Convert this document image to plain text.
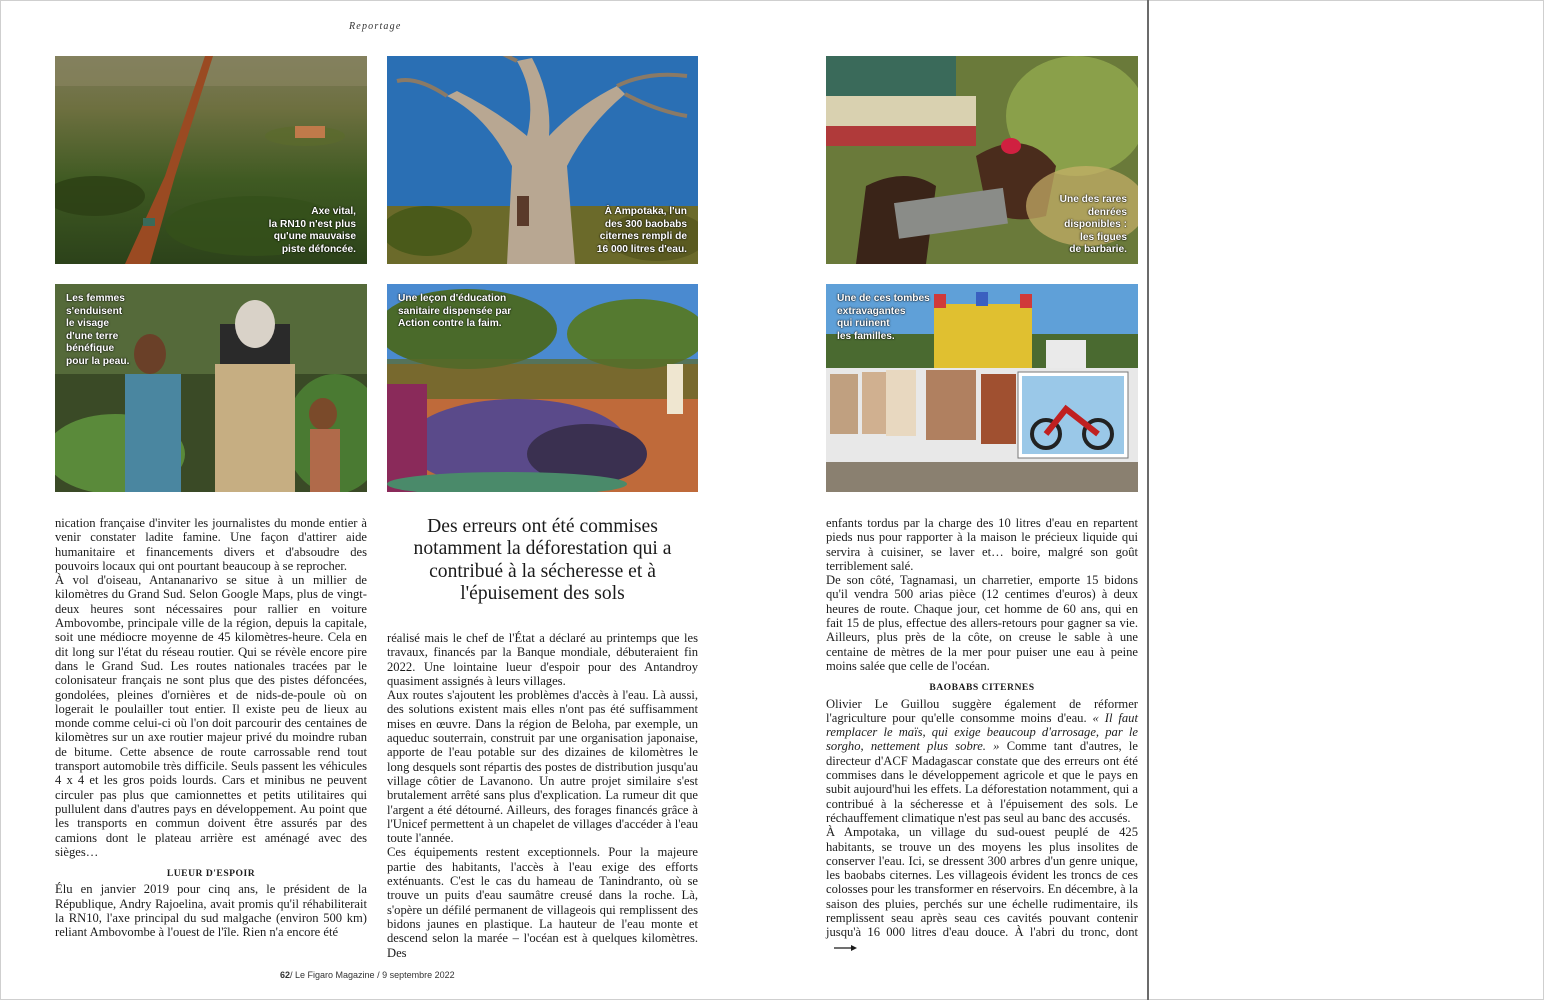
Reportage
Axe vital,
la RN10 n'est plus
qu'une mauvaise
piste défoncée.
À Ampotaka, l'un
des 300 baobabs
citernes rempli de
16 000 litres d'eau.
Une des rares
denrées
disponibles :
les figues
de barbarie.
Les femmes
s'enduisent
le visage
d'une terre
bénéfique
pour la peau.
Une leçon d'éducation
sanitaire dispensée par
Action contre la faim.
Une de ces tombes
extravagantes
qui ruinent
les familles.

nication française d'inviter les journalistes du monde entier à venir constater ladite famine. Une façon d'attirer aide humanitaire et financements divers et d'absoudre des pouvoirs locaux qui ont pourtant beaucoup à se reprocher.

À vol d'oiseau, Antananarivo se situe à un millier de kilomètres du Grand Sud. Selon Google Maps, plus de vingt-deux heures sont nécessaires pour rallier en voiture Ambovombe, principale ville de la région, depuis la capitale, soit une médiocre moyenne de 45 kilomètres-heure. Cela en dit long sur l'état du réseau routier. Qui se révèle encore pire dans le Grand Sud. Les routes nationales tracées par le colonisateur français ne sont plus que des pistes défoncées, gondolées, pleines d'ornières et de nids-de-poule où on logerait le poulailler tout entier. Il existe peu de lieux au monde comme celui-ci où l'on doit parcourir des centaines de kilomètres sur un axe routier majeur privé du moindre ruban de bitume. Cette absence de route carrossable rend tout transport automobile très difficile. Seuls passent les véhicules 4 x 4 et les gros poids lourds. Cars et minibus ne peuvent circuler pas plus que camionnettes et petits utilitaires qui pullulent dans d'autres pays en développement. Au point que les transports en commun doivent être assurés par des camions dont le plateau arrière est aménagé avec des sièges…

LUEUR D'ESPOIR

Élu en janvier 2019 pour cinq ans, le président de la République, Andry Rajoelina, avait promis qu'il réhabiliterait la RN10, l'axe principal du sud malgache (environ 500 km) reliant Ambovombe à l'ouest de l'île. Rien n'a encore été

Des erreurs ont été commises notamment la déforestation qui a contribué à la sécheresse et à l'épuisement des sols

réalisé mais le chef de l'État a déclaré au printemps que les travaux, financés par la Banque mondiale, débuteraient fin 2022. Une lointaine lueur d'espoir pour des Antandroy quasiment assignés à leurs villages.

Aux routes s'ajoutent les problèmes d'accès à l'eau. Là aussi, des solutions existent mais elles n'ont pas été suffisamment mises en œuvre. Dans la région de Beloha, par exemple, un aqueduc souterrain, construit par une organisation japonaise, apporte de l'eau potable sur des dizaines de kilomètres le long desquels sont répartis des postes de distribution jusqu'au village côtier de Lavanono. Un autre projet similaire s'est brutalement arrêté sans plus d'explication. La rumeur dit que l'argent a été détourné. Ailleurs, des forages financés grâce à l'Unicef permettent à un chapelet de villages d'accéder à l'eau toute l'année.

Ces équipements restent exceptionnels. Pour la majeure partie des habitants, l'accès à l'eau exige des efforts exténuants. C'est le cas du hameau de Tanindranto, où se trouve un puits d'eau saumâtre creusé dans la roche. Là, s'opère un défilé permanent de villageois qui remplissent des bidons jaunes en plastique. La hauteur de l'eau monte et descend selon la marée – l'océan est à quelques kilomètres. Des

enfants tordus par la charge des 10 litres d'eau en repartent pieds nus pour rapporter à la maison le précieux liquide qui servira à cuisiner, se laver et… boire, malgré son goût terriblement salé.

De son côté, Tagnamasi, un charretier, emporte 15 bidons qu'il vendra 500 arias pièce (12 centimes d'euros) à deux heures de route. Chaque jour, cet homme de 60 ans, qui en fait 15 de plus, effectue des allers-retours pour gagner sa vie. Ailleurs, plus près de la côte, on creuse le sable à une centaine de mètres de la mer pour puiser une eau à peine moins salée que celle de l'océan.

BAOBABS CITERNES

Olivier Le Guillou suggère également de réformer l'agriculture pour qu'elle consomme moins d'eau. « Il faut remplacer le maïs, qui exige beaucoup d'arrosage, par le sorgho, nettement plus sobre. » Comme tant d'autres, le directeur d'ACF Madagascar constate que des erreurs ont été commises dans le développement agricole et que le pays en subit aujourd'hui les effets. La déforestation notamment, qui a contribué à la sécheresse et à l'épuisement des sols. Le réchauffement climatique n'est pas seul au banc des accusés.

À Ampotaka, un village du sud-ouest peuplé de 425 habitants, se trouve un des moyens les plus insolites de conserver l'eau. Ici, se dressent 300 arbres d'un genre unique, les baobabs citernes. Les villageois évident les troncs de ces colosses pour les transformer en réservoirs. En décembre, à la saison des pluies, perchés sur une échelle rudimentaire, ils remplissent seau après seau ces cavités pouvant contenir jusqu'à 16 000 litres d'eau douce. À l'abri du tronc, dont

62/ Le Figaro Magazine / 9 septembre 2022
